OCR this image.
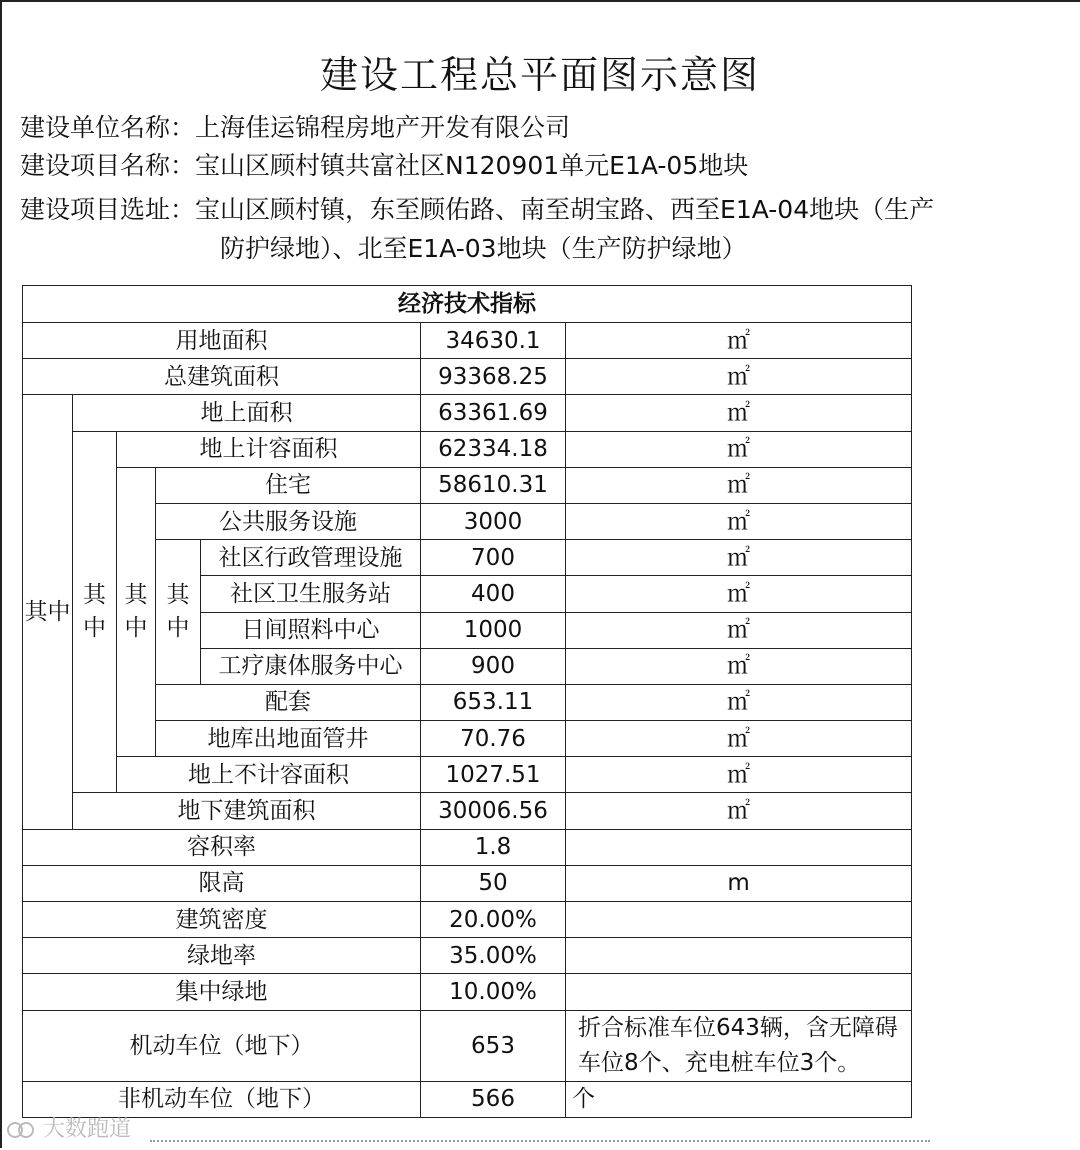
建设工程总平面图示意图
建设单位名称：上海佳运锦程房地产开发有限公司
建设项目名称：宝山区顾村镇共富社区N120901单元E1A-05地块
建设项目选址：宝山区顾村镇，东至顾佑路、南至胡宝路、西至E1A-04地块（生产
防护绿地）、北至E1A-03地块（生产防护绿地）
经济技术指标						
用地面积					34630.1	㎡
总建筑面积					93368.25	㎡
其中	地上面积				63361.69	㎡
	其中	地上计容面积			62334.18	㎡
		其中	住宅		58610.31	㎡
			公共服务设施		3000	㎡
			其中	社区行政管理设施	700	㎡
				社区卫生服务站	400	㎡
				日间照料中心	1000	㎡
				工疗康体服务中心	900	㎡
			配套		653.11	㎡
			地库出地面管井		70.76	㎡
		地上不计容面积			1027.51	㎡
	地下建筑面积				30006.56	㎡
容积率					1.8	
限高					50	m
建筑密度					20.00%	
绿地率					35.00%	
集中绿地					10.00%	
机动车位（地下）					653	折合标准车位643辆，含无障碍车位8个、充电桩车位3个。
非机动车位（地下）					566	个
大数跑道
